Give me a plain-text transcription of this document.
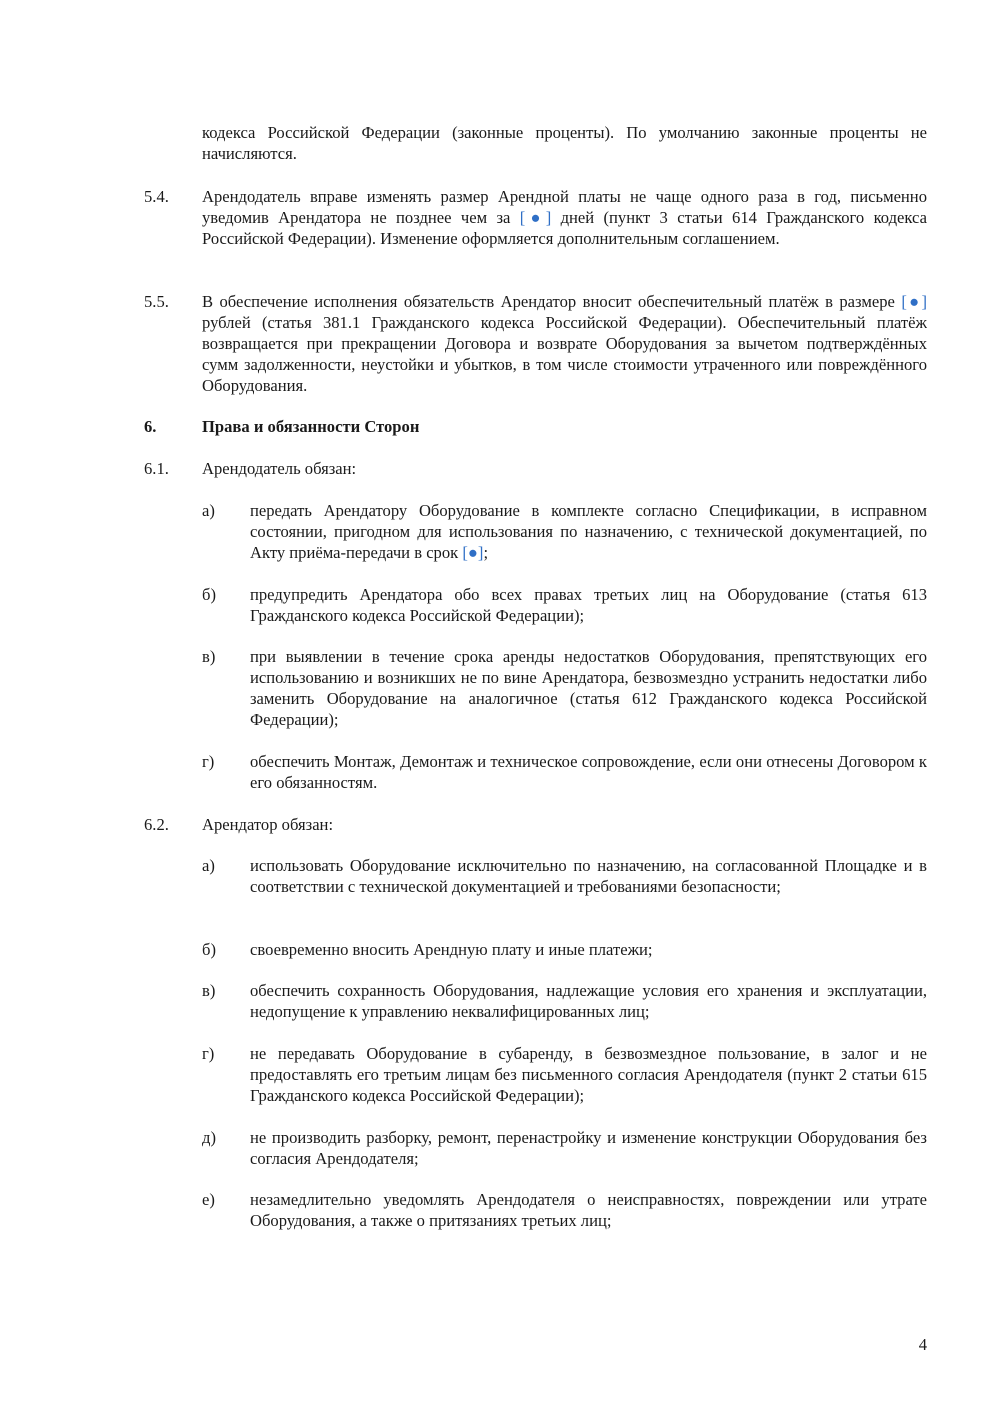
кодекса Российской Федерации (законные проценты). По умолчанию законные проценты не начисляются.
5.4.	Арендодатель вправе изменять размер Арендной платы не чаще одного раза в год, письменно уведомив Арендатора не позднее чем за [●] дней (пункт 3 статьи 614 Гражданского кодекса Российской Федерации). Изменение оформляется дополнительным соглашением.
5.5.	В обеспечение исполнения обязательств Арендатор вносит обеспечительный платёж в размере [●] рублей (статья 381.1 Гражданского кодекса Российской Федерации). Обеспечительный платёж возвращается при прекращении Договора и возврате Оборудования за вычетом подтверждённых сумм задолженности, неустойки и убытков, в том числе стоимости утраченного или повреждённого Оборудования.
6.	Права и обязанности Сторон
6.1.	Арендодатель обязан:
а)	передать Арендатору Оборудование в комплекте согласно Спецификации, в исправном состоянии, пригодном для использования по назначению, с технической документацией, по Акту приёма-передачи в срок [●];
б)	предупредить Арендатора обо всех правах третьих лиц на Оборудование (статья 613 Гражданского кодекса Российской Федерации);
в)	при выявлении в течение срока аренды недостатков Оборудования, препятствующих его использованию и возникших не по вине Арендатора, безвозмездно устранить недостатки либо заменить Оборудование на аналогичное (статья 612 Гражданского кодекса Российской Федерации);
г)	обеспечить Монтаж, Демонтаж и техническое сопровождение, если они отнесены Договором к его обязанностям.
6.2.	Арендатор обязан:
а)	использовать Оборудование исключительно по назначению, на согласованной Площадке и в соответствии с технической документацией и требованиями безопасности;
б)	своевременно вносить Арендную плату и иные платежи;
в)	обеспечить сохранность Оборудования, надлежащие условия его хранения и эксплуатации, недопущение к управлению неквалифицированных лиц;
г)	не передавать Оборудование в субаренду, в безвозмездное пользование, в залог и не предоставлять его третьим лицам без письменного согласия Арендодателя (пункт 2 статьи 615 Гражданского кодекса Российской Федерации);
д)	не производить разборку, ремонт, перенастройку и изменение конструкции Оборудования без согласия Арендодателя;
е)	незамедлительно уведомлять Арендодателя о неисправностях, повреждении или утрате Оборудования, а также о притязаниях третьих лиц;
4
